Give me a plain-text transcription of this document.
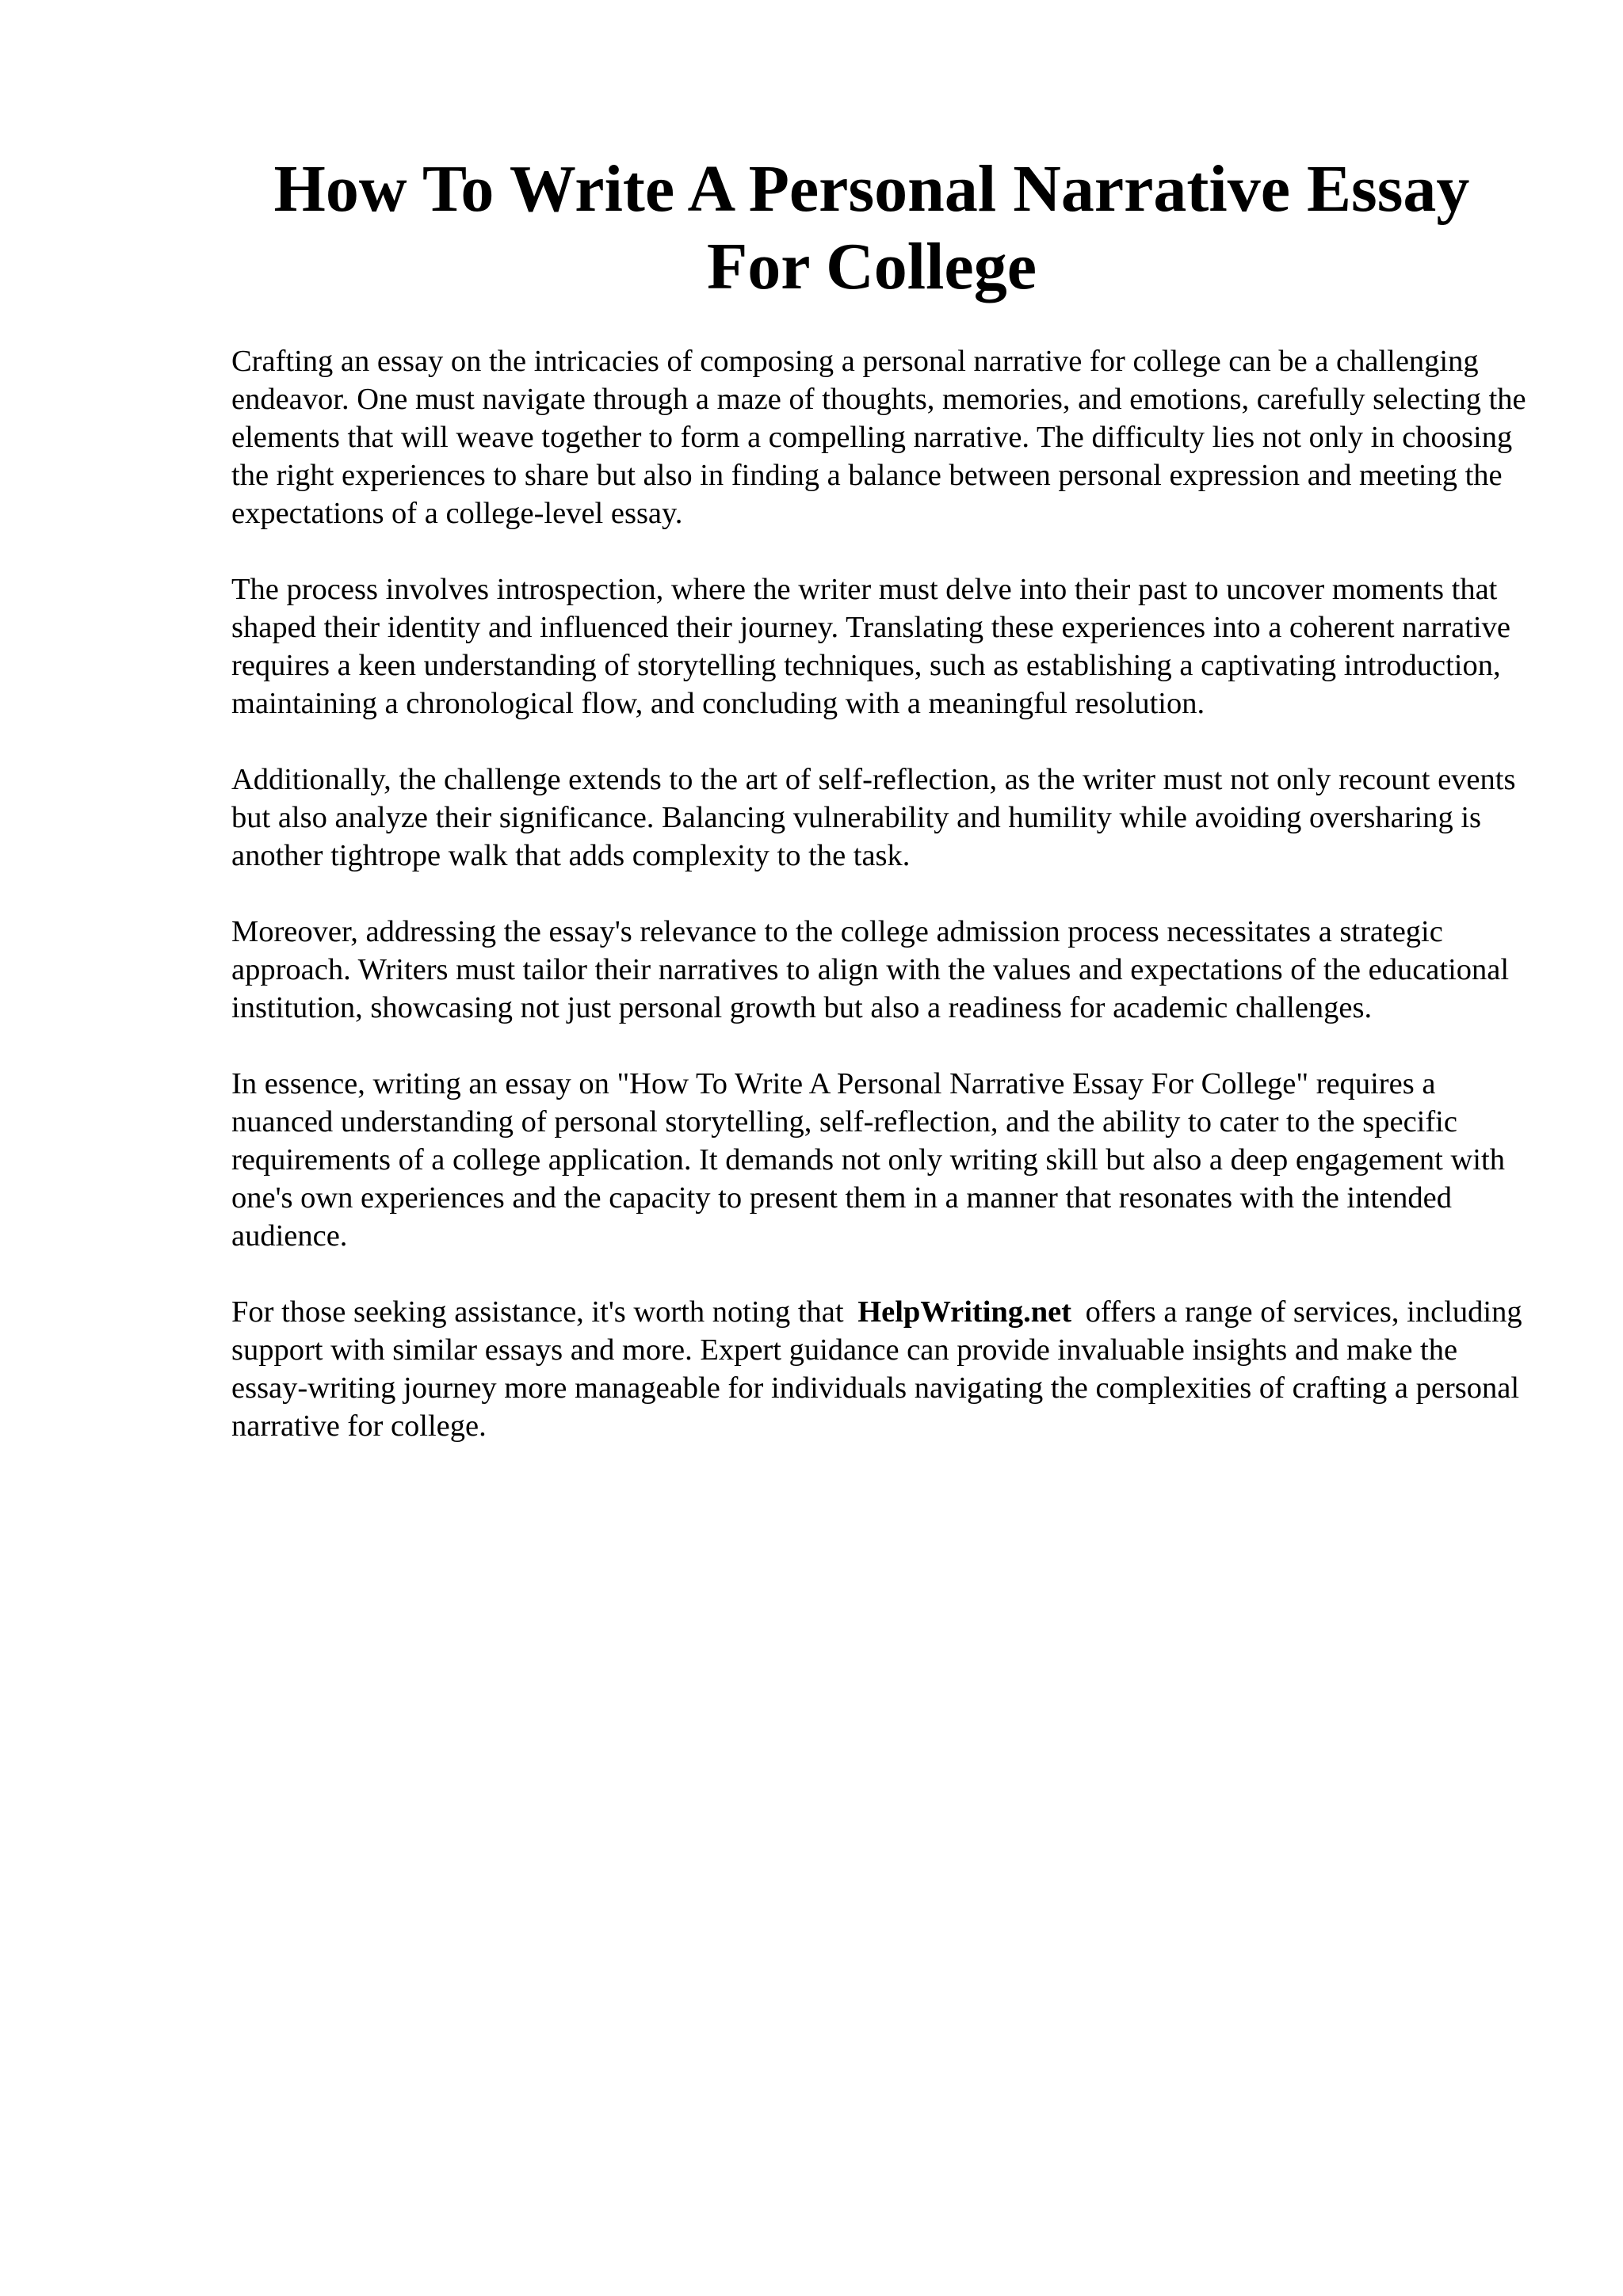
How To Write A Personal Narrative Essay For College

Crafting an essay on the intricacies of composing a personal narrative for college can be a challenging endeavor. One must navigate through a maze of thoughts, memories, and emotions, carefully selecting the elements that will weave together to form a compelling narrative. The difficulty lies not only in choosing the right experiences to share but also in finding a balance between personal expression and meeting the expectations of a college-level essay.

The process involves introspection, where the writer must delve into their past to uncover moments that shaped their identity and influenced their journey. Translating these experiences into a coherent narrative requires a keen understanding of storytelling techniques, such as establishing a captivating introduction, maintaining a chronological flow, and concluding with a meaningful resolution.

Additionally, the challenge extends to the art of self-reflection, as the writer must not only recount events but also analyze their significance. Balancing vulnerability and humility while avoiding oversharing is another tightrope walk that adds complexity to the task.

Moreover, addressing the essay's relevance to the college admission process necessitates a strategic approach. Writers must tailor their narratives to align with the values and expectations of the educational institution, showcasing not just personal growth but also a readiness for academic challenges.

In essence, writing an essay on "How To Write A Personal Narrative Essay For College" requires a nuanced understanding of personal storytelling, self-reflection, and the ability to cater to the specific requirements of a college application. It demands not only writing skill but also a deep engagement with one's own experiences and the capacity to present them in a manner that resonates with the intended audience.

For those seeking assistance, it's worth noting that HelpWriting.net offers a range of services, including support with similar essays and more. Expert guidance can provide invaluable insights and make the essay-writing journey more manageable for individuals navigating the complexities of crafting a personal narrative for college.
